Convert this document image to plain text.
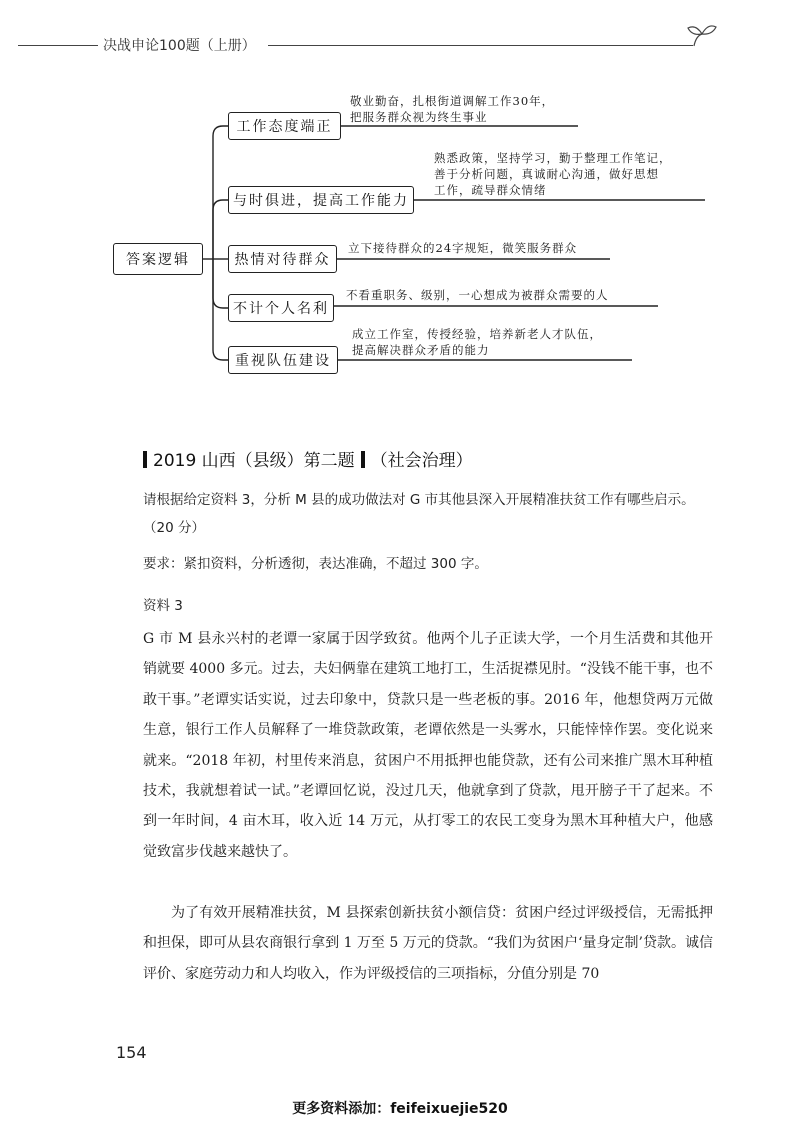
决战申论100题（上册）
答案逻辑
工作态度端正
敬业勤奋，扎根街道调解工作30年，
把服务群众视为终生事业
与时俱进，提高工作能力
熟悉政策，坚持学习，勤于整理工作笔记，
善于分析问题，真诚耐心沟通，做好思想
工作，疏导群众情绪
热情对待群众
立下接待群众的24字规矩，微笑服务群众
不计个人名利
不看重职务、级别，一心想成为被群众需要的人
重视队伍建设
成立工作室，传授经验，培养新老人才队伍，
提高解决群众矛盾的能力
2019 山西（县级）第二题 （社会治理）
请根据给定资料 3，分析 M 县的成功做法对 G 市其他县深入开展精准扶贫工作有哪些启示。（20 分）
要求：紧扣资料，分析透彻，表达准确，不超过 300 字。
资料 3
G 市 M 县永兴村的老谭一家属于因学致贫。他两个儿子正读大学，一个月生活费和其他开销就要 4000 多元。过去，夫妇俩靠在建筑工地打工，生活捉襟见肘。“没钱不能干事，也不敢干事。”老谭实话实说，过去印象中，贷款只是一些老板的事。2016 年，他想贷两万元做生意，银行工作人员解释了一堆贷款政策，老谭依然是一头雾水，只能悻悻作罢。变化说来就来。“2018 年初，村里传来消息，贫困户不用抵押也能贷款，还有公司来推广黑木耳种植技术，我就想着试一试。”老谭回忆说，没过几天，他就拿到了贷款，甩开膀子干了起来。不到一年时间，4 亩木耳，收入近 14 万元，从打零工的农民工变身为黑木耳种植大户，他感觉致富步伐越来越快了。
为了有效开展精准扶贫，M 县探索创新扶贫小额信贷：贫困户经过评级授信，无需抵押和担保，即可从县农商银行拿到 1 万至 5 万元的贷款。“我们为贫困户‘量身定制’贷款。诚信评价、家庭劳动力和人均收入，作为评级授信的三项指标，分值分别是 70
154
更多资料添加：feifeixuejie520
